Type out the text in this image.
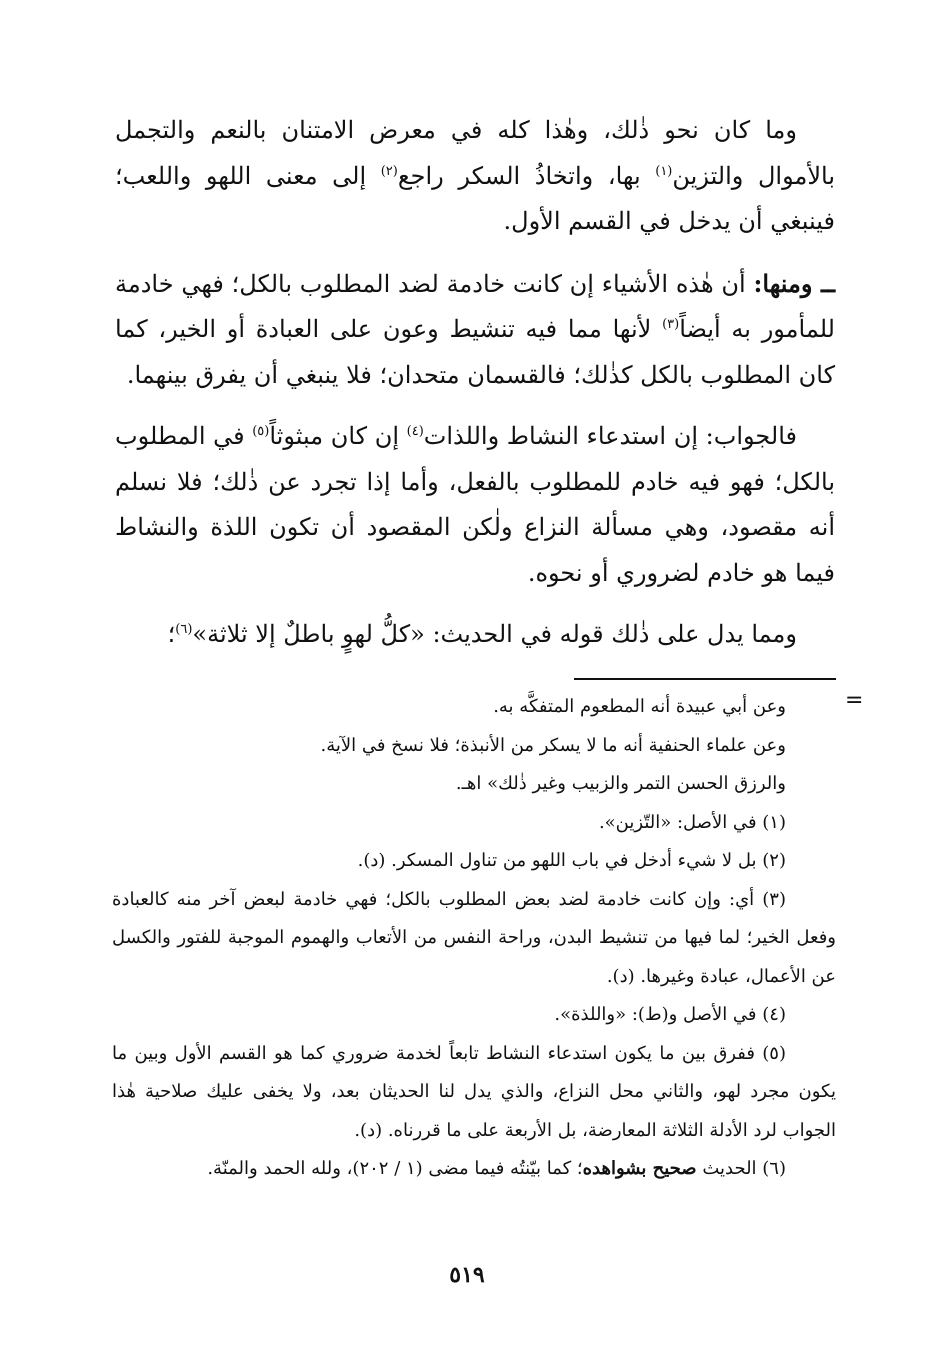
وما كان نحو ذٰلك، وهٰذا كله في معرض الامتنان بالنعم والتجمل بالأموال والتزين$^{(١)}$ بها، واتخاذُ السكر راجع$^{(٢)}$ إلى معنى اللهو واللعب؛ فينبغي أن يدخل في القسم الأول.

ــ ومنها: أن هٰذه الأشياء إن كانت خادمة لضد المطلوب بالكل؛ فهي خادمة للمأمور به أيضاً$^{(٣)}$ لأنها مما فيه تنشيط وعون على العبادة أو الخير، كما كان المطلوب بالكل كذٰلك؛ فالقسمان متحدان؛ فلا ينبغي أن يفرق بينهما.

فالجواب: إن استدعاء النشاط واللذات$^{(٤)}$ إن كان مبثوثاً$^{(٥)}$ في المطلوب بالكل؛ فهو فيه خادم للمطلوب بالفعل، وأما إذا تجرد عن ذٰلك؛ فلا نسلم أنه مقصود، وهي مسألة النزاع ولٰكن المقصود أن تكون اللذة والنشاط فيما هو خادم لضروري أو نحوه.

ومما يدل على ذٰلك قوله في الحديث: «كلُّ لهوٍ باطلٌ إلا ثلاثة»$^{(٦)}$؛

=

وعن أبي عبيدة أنه المطعوم المتفكَّه به.

وعن علماء الحنفية أنه ما لا يسكر من الأنبذة؛ فلا نسخ في الآية.

والرزق الحسن التمر والزبيب وغير ذٰلك» اهـ.

(١) في الأصل: «التّزين».

(٢) بل لا شيء أدخل في باب اللهو من تناول المسكر. (د).

(٣) أي: وإن كانت خادمة لضد بعض المطلوب بالكل؛ فهي خادمة لبعض آخر منه كالعبادة وفعل الخير؛ لما فيها من تنشيط البدن، وراحة النفس من الأتعاب والهموم الموجبة للفتور والكسل عن الأعمال، عبادة وغيرها. (د).

(٤) في الأصل و(ط): «واللذة».

(٥) ففرق بين ما يكون استدعاء النشاط تابعاً لخدمة ضروري كما هو القسم الأول وبين ما يكون مجرد لهو، والثاني محل النزاع، والذي يدل لنا الحديثان بعد، ولا يخفى عليك صلاحية هٰذا الجواب لرد الأدلة الثلاثة المعارضة، بل الأربعة على ما قررناه. (د).

(٦) الحديث صحيح بشواهده؛ كما بيّنتُه فيما مضى (١ / ٢٠٢)، ولله الحمد والمنّة.

٥١٩
